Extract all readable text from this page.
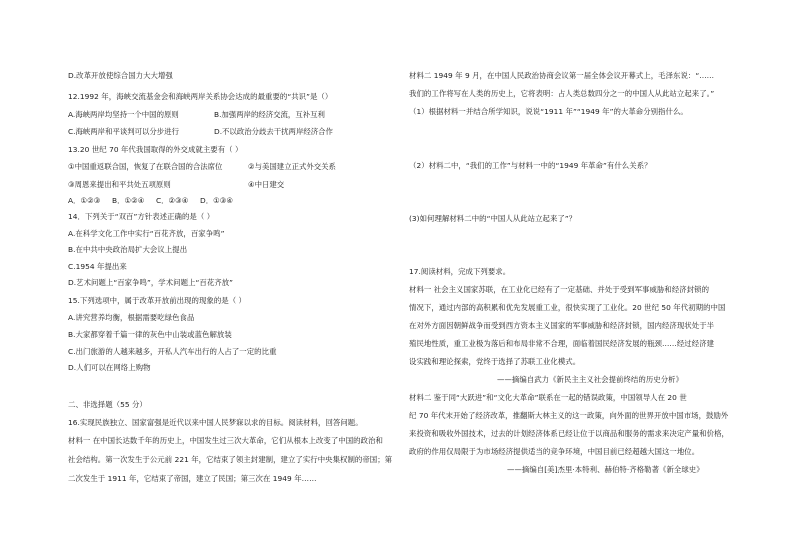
D.改革开放使综合国力大大增强
12.1992 年，海峡交流基金会和海峡两岸关系协会达成的最重要的“共识”是（）
A.海峡两岸均坚持一个中国的原则	B.加强两岸的经济交流，互补互利
C.海峡两岸和平谈判可以分步进行	D.不以政治分歧去干扰两岸经济合作
13.20 世纪 70 年代我国取得的外交成就主要有（ ）
①中国重返联合国，恢复了在联合国的合法席位	②与美国建立正式外交关系
③周恩来提出和平共处五项原则	④中日建交
A．①②③	B．①②④	C．②③④	D．①③④
14．下列关于“双百”方针表述正确的是（ ）
A.在科学文化工作中实行“百花齐放，百家争鸣”
B.在中共中央政治局扩大会议上提出
C.1954 年提出来
D.艺术问题上“百家争鸣”，学术问题上“百花齐放”
15.下列选项中，属于改革开放前出现的现象的是（ ）
A.讲究营养均衡，根据需要吃绿色食品
B.大家都穿着千篇一律的灰色中山装或蓝色解放装
C.出门旅游的人越来越多，开私人汽车出行的人占了一定的比重
D.人们可以在网络上购物
二、非选择题（55 分）
16.实现民族独立、国家富强是近代以来中国人民梦寐以求的目标。阅读材料，回答问题。
材料一 在中国长达数千年的历史上，中国发生过三次大革命，它们从根本上改变了中国的政治和
社会结构。第一次发生于公元前 221 年，它结束了领主封建制，建立了实行中央集权制的帝国；第
二次发生于 1911 年，它结束了帝国，建立了民国；第三次在 1949 年……
材料二 1949 年 9 月，在中国人民政治协商会议第一届全体会议开幕式上，毛泽东说：“……
我们的工作将写在人类的历史上，它将表明：占人类总数四分之一的中国人从此站立起来了。”
（1）根据材料一并结合所学知识，说说“1911 年”“1949 年”的大革命分别指什么。
（2）材料二中，“我们的工作”与材料一中的“1949 年革命”有什么关系？
(3)如何理解材料二中的“中国人从此站立起来了”？
17.阅读材料，完成下列要求。
材料一 社会主义国家苏联，在工业化已经有了一定基础、并处于受到军事威胁和经济封锁的
情况下，通过内部的高积累和优先发展重工业，很快实现了工业化。20 世纪 50 年代初期的中国
在对外方面因朝鲜战争而受到西方资本主义国家的军事威胁和经济封锁，国内经济现状处于半
殖民地性质，重工业极为落后和布局非常不合理，面临着国民经济发展的瓶颈……经过经济建
设实践和理论探索，党终于选择了苏联工业化模式。
——摘编自武力《新民主主义社会提前终结的历史分析》
材料二 鉴于同“大跃进”和“文化大革命”联系在一起的错误政策，中国领导人在 20 世
纪 70 年代末开始了经济改革，推翻斯大林主义的这一政策，向外面的世界开放中国市场，鼓励外
来投资和吸收外国技术，过去的计划经济体系已经让位于以商品和服务的需求来决定产量和价格，
政府的作用仅局限于为市场经济提供适当的竞争环境，中国目前已经超越大国这一地位。
——摘编自[美]杰里·本特利、赫伯特·齐格勒著《新全球史》
